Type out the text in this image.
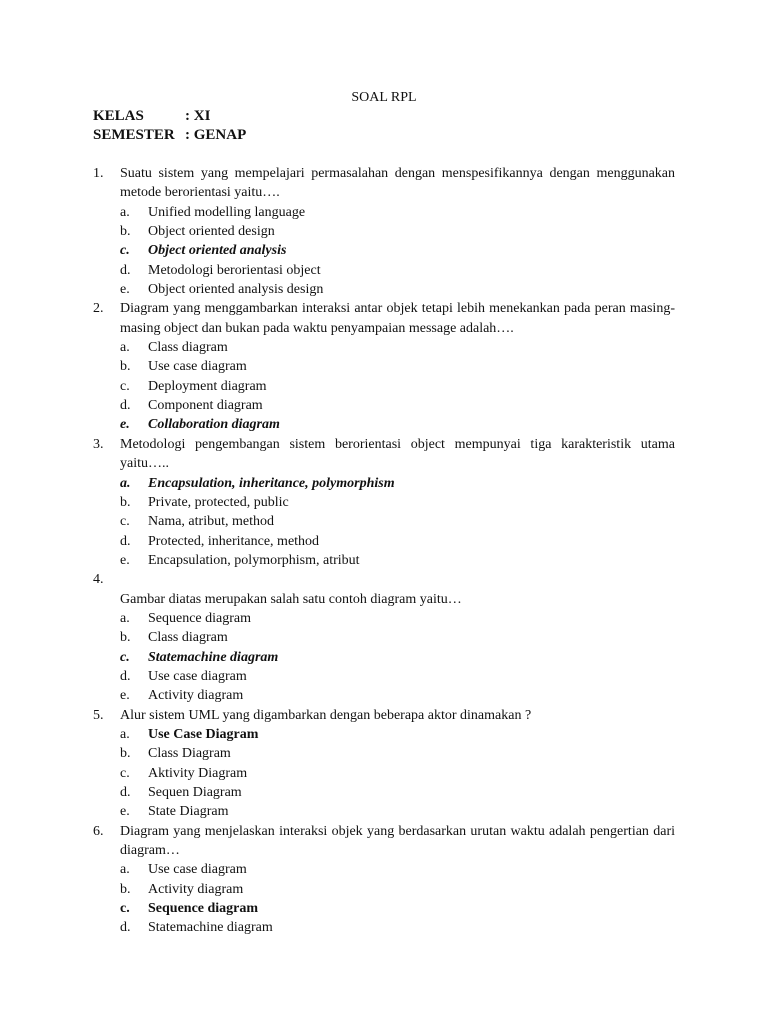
SOAL RPL
KELAS	: XI
SEMESTER : GENAP
1.	Suatu sistem yang mempelajari permasalahan dengan menspesifikannya dengan menggunakan metode berorientasi yaitu….
a.	Unified modelling language
b.	Object oriented design
c.	Object oriented analysis
d.	Metodologi berorientasi object
e.	Object oriented analysis design
2.	Diagram yang menggambarkan interaksi antar objek tetapi lebih menekankan pada peran masing-masing object dan bukan pada waktu penyampaian message adalah….
a.	Class diagram
b.	Use case diagram
c.	Deployment diagram
d.	Component diagram
e.	Collaboration diagram
3.	Metodologi pengembangan sistem berorientasi object mempunyai tiga karakteristik utama yaitu…..
a.	Encapsulation, inheritance, polymorphism
b.	Private, protected, public
c.	Nama, atribut, method
d.	Protected, inheritance, method
e.	Encapsulation, polymorphism, atribut
4.
Gambar diatas merupakan salah satu contoh diagram yaitu…
a.	Sequence diagram
b.	Class diagram
c.	Statemachine diagram
d.	Use case diagram
e.	Activity diagram
5.	Alur sistem UML yang digambarkan dengan beberapa aktor dinamakan ?
a.	Use Case Diagram
b.	Class Diagram
c.	Aktivity Diagram
d.	Sequen Diagram
e.	State Diagram
6.	Diagram yang menjelaskan interaksi objek yang berdasarkan urutan waktu adalah pengertian dari diagram…
a.	Use case diagram
b.	Activity diagram
c.	Sequence diagram
d.	Statemachine diagram
